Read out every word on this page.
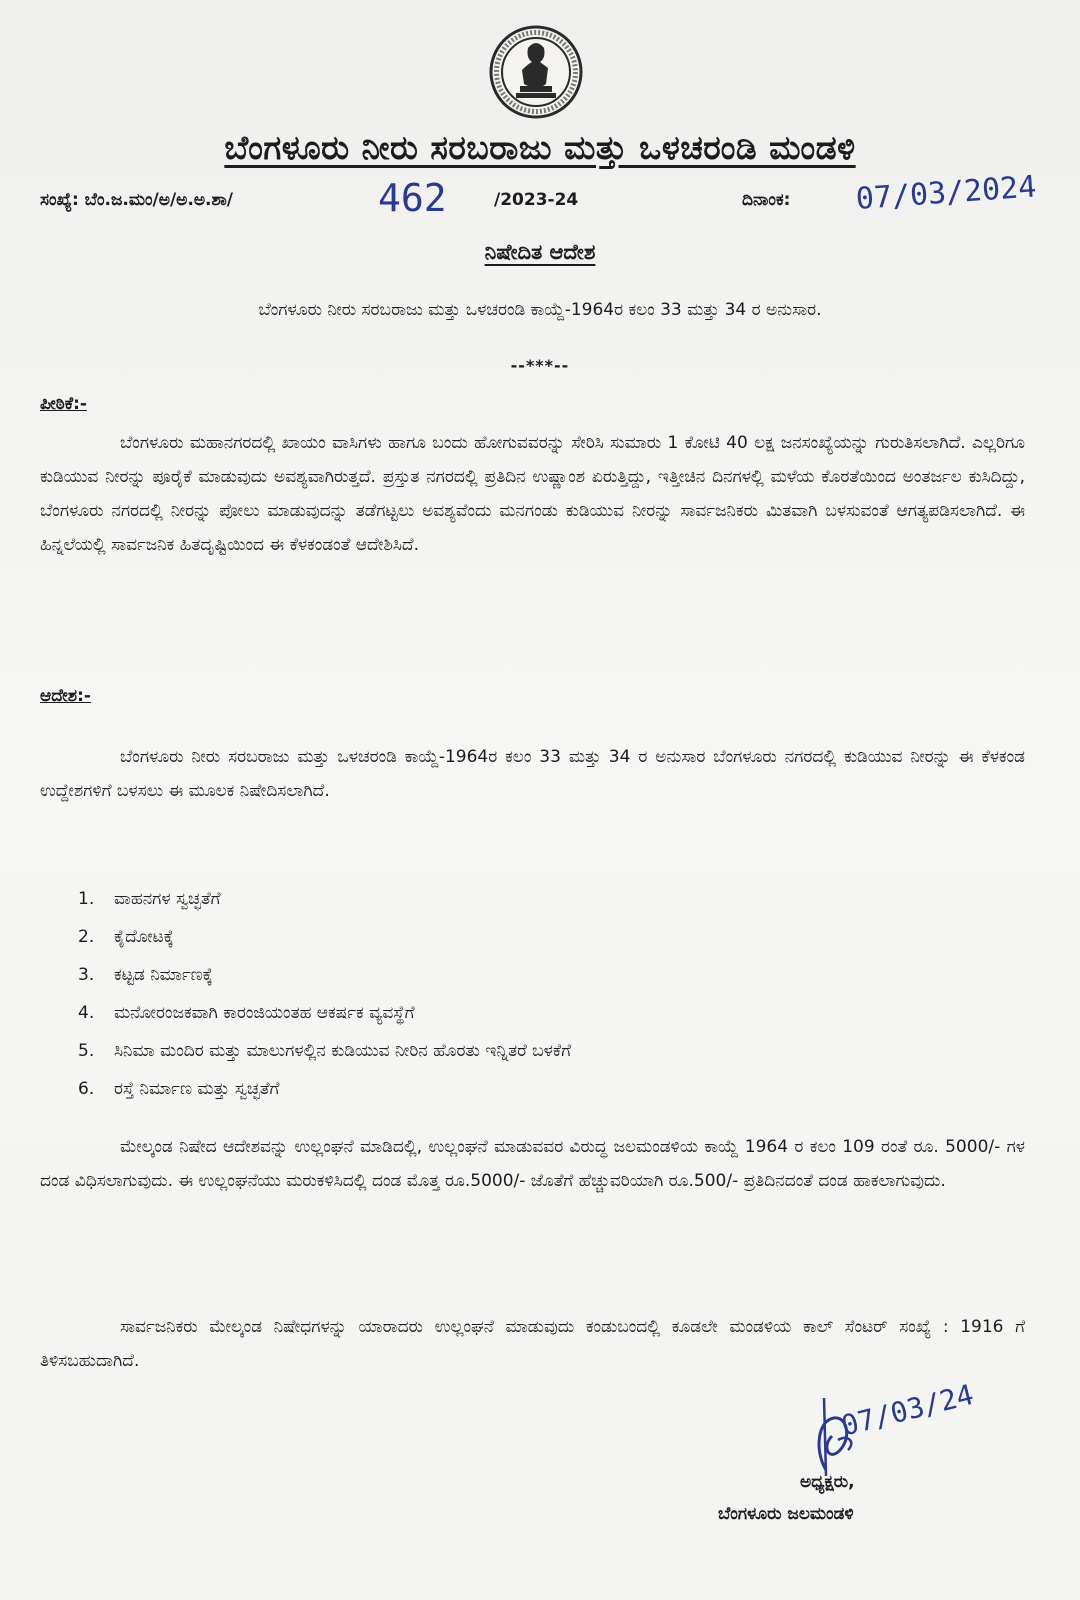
ಬೆಂಗಳೂರು ನೀರು ಸರಬರಾಜು ಮತ್ತು ಒಳಚರಂಡಿ ಮಂಡಳಿ
ಸಂಖ್ಯೆ: ಬೆಂ.ಜ.ಮಂ/ಅ/ಅ.ಅ.ಶಾ/	462	/2023-24	ದಿನಾಂಕ: 07/03/2024
ನಿಷೇದಿತ ಆದೇಶ
ಬೆಂಗಳೂರು ನೀರು ಸರಬರಾಜು ಮತ್ತು ಒಳಚರಂಡಿ ಕಾಯ್ದೆ-1964ರ ಕಲಂ 33 ಮತ್ತು 34 ರ ಅನುಸಾರ.
--***--
ಪೀಠಿಕೆ:-
ಬೆಂಗಳೂರು ಮಹಾನಗರದಲ್ಲಿ ಖಾಯಂ ವಾಸಿಗಳು ಹಾಗೂ ಬಂದು ಹೋಗುವವರನ್ನು ಸೇರಿಸಿ ಸುಮಾರು 1 ಕೋಟಿ 40 ಲಕ್ಷ ಜನಸಂಖ್ಯೆಯನ್ನು ಗುರುತಿಸಲಾಗಿದೆ. ಎಲ್ಲರಿಗೂ ಕುಡಿಯುವ ನೀರನ್ನು ಪೂರೈಕೆ ಮಾಡುವುದು ಅವಶ್ಯವಾಗಿರುತ್ತದೆ. ಪ್ರಸ್ತುತ ನಗರದಲ್ಲಿ ಪ್ರತಿದಿನ ಉಷ್ಣಾಂಶ ಏರುತ್ತಿದ್ದು, ಇತ್ತೀಚಿನ ದಿನಗಳಲ್ಲಿ ಮಳೆಯ ಕೊರತೆಯಿಂದ ಅಂತರ್ಜಲ ಕುಸಿದಿದ್ದು, ಬೆಂಗಳೂರು ನಗರದಲ್ಲಿ ನೀರನ್ನು ಪೋಲು ಮಾಡುವುದನ್ನು ತಡೆಗಟ್ಟಲು ಅವಶ್ಯವೆಂದು ಮನಗಂಡು ಕುಡಿಯುವ ನೀರನ್ನು ಸಾರ್ವಜನಿಕರು ಮಿತವಾಗಿ ಬಳಸುವಂತೆ ಆಗತ್ಯಪಡಿಸಲಾಗಿದೆ. ಈ ಹಿನ್ನಲೆಯಲ್ಲಿ ಸಾರ್ವಜನಿಕ ಹಿತದೃಷ್ಟಿಯಿಂದ ಈ ಕೆಳಕಂಡಂತೆ ಆದೇಶಿಸಿದೆ.
ಆದೇಶ:-
ಬೆಂಗಳೂರು ನೀರು ಸರಬರಾಜು ಮತ್ತು ಒಳಚರಂಡಿ ಕಾಯ್ದೆ-1964ರ ಕಲಂ 33 ಮತ್ತು 34 ರ ಅನುಸಾರ ಬೆಂಗಳೂರು ನಗರದಲ್ಲಿ ಕುಡಿಯುವ ನೀರನ್ನು ಈ ಕೆಳಕಂಡ ಉದ್ದೇಶಗಳಿಗೆ ಬಳಸಲು ಈ ಮೂಲಕ ನಿಷೇದಿಸಲಾಗಿದೆ.
1. ವಾಹನಗಳ ಸ್ವಚ್ಛತೆಗೆ
2. ಕೈದೋಟಕ್ಕೆ
3. ಕಟ್ಟಡ ನಿರ್ಮಾಣಕ್ಕೆ
4. ಮನೋರಂಜಕವಾಗಿ ಕಾರಂಜಿಯಂತಹ ಆಕರ್ಷಕ ವ್ಯವಸ್ಥೆಗೆ
5. ಸಿನಿಮಾ ಮಂದಿರ ಮತ್ತು ಮಾಲುಗಳಲ್ಲಿನ ಕುಡಿಯುವ ನೀರಿನ ಹೊರತು ಇನ್ನಿತರೆ ಬಳಕೆಗೆ
6. ರಸ್ತೆ ನಿರ್ಮಾಣ ಮತ್ತು ಸ್ವಚ್ಛತೆಗೆ
ಮೇಲ್ಕಂಡ ನಿಷೇದ ಆದೇಶವನ್ನು ಉಲ್ಲಂಘನೆ ಮಾಡಿದಲ್ಲಿ, ಉಲ್ಲಂಘನೆ ಮಾಡುವವರ ವಿರುದ್ಧ ಜಲಮಂಡಳಿಯ ಕಾಯ್ದೆ 1964 ರ ಕಲಂ 109 ರಂತೆ ರೂ. 5000/- ಗಳ ದಂಡ ವಿಧಿಸಲಾಗುವುದು. ಈ ಉಲ್ಲಂಘನೆಯು ಮರುಕಳಿಸಿದಲ್ಲಿ ದಂಡ ಮೊತ್ತ ರೂ.5000/- ಜೊತೆಗೆ ಹೆಚ್ಚುವರಿಯಾಗಿ ರೂ.500/- ಪ್ರತಿದಿನದಂತೆ ದಂಡ ಹಾಕಲಾಗುವುದು.
ಸಾರ್ವಜನಿಕರು ಮೇಲ್ಕಂಡ ನಿಷೇಧಗಳನ್ನು ಯಾರಾದರು ಉಲ್ಲಂಘನೆ ಮಾಡುವುದು ಕಂಡುಬಂದಲ್ಲಿ ಕೂಡಲೇ ಮಂಡಳಿಯ ಕಾಲ್ ಸೆಂಟರ್ ಸಂಖ್ಯೆ : 1916 ಗೆ ತಿಳಿಸಬಹುದಾಗಿದೆ.
07/03/24
ಅಧ್ಯಕ್ಷರು,
ಬೆಂಗಳೂರು ಜಲಮಂಡಳಿ
